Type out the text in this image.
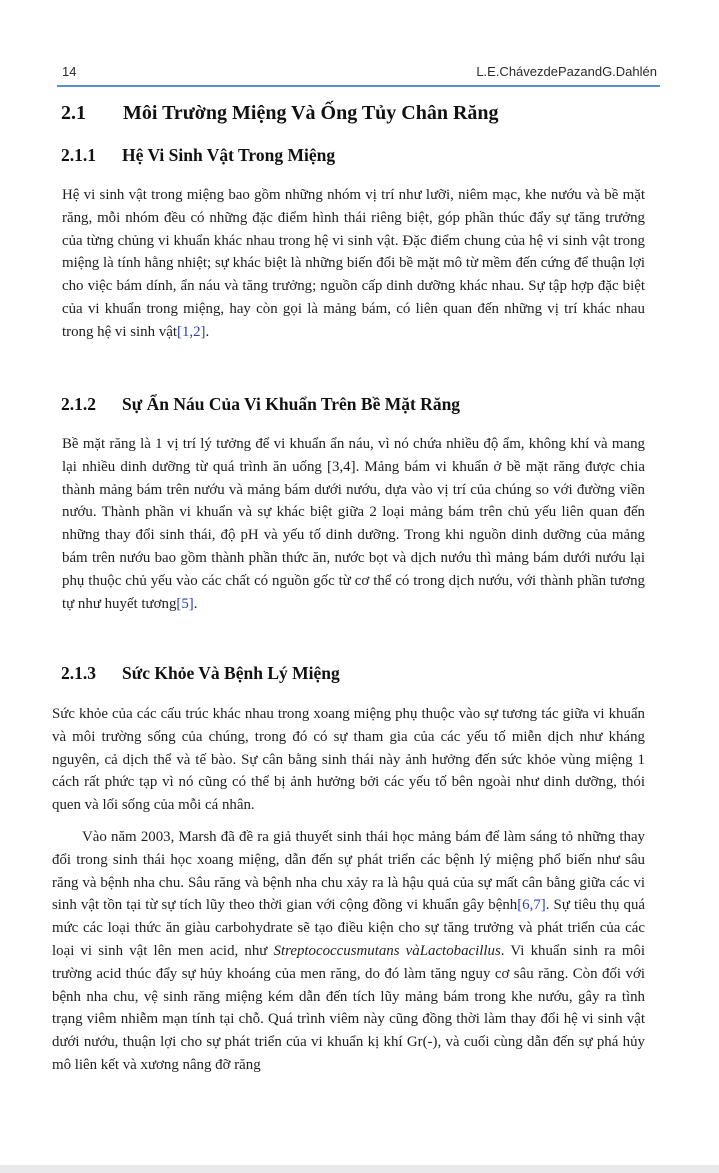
14	L.E.ChávezdePazandG.Dahlén
2.1 Môi Trường Miệng Và Ống Tủy Chân Răng
2.1.1 Hệ Vi Sinh Vật Trong Miệng

Hệ vi sinh vật trong miệng bao gồm những nhóm vị trí như lưỡi, niêm mạc, khe nướu và bề mặt răng, mỗi nhóm đều có những đặc điểm hình thái riêng biệt, góp phần thúc đẩy sự tăng trưởng của từng chủng vi khuẩn khác nhau trong hệ vi sinh vật. Đặc điểm chung của hệ vi sinh vật trong miệng là tính hằng nhiệt; sự khác biệt là những biến đổi bề mặt mô từ mềm đến cứng để thuận lợi cho việc bám dính, ẩn náu và tăng trưởng; nguồn cấp dinh dưỡng khác nhau. Sự tập hợp đặc biệt của vi khuẩn trong miệng, hay còn gọi là mảng bám, có liên quan đến những vị trí khác nhau trong hệ vi sinh vật[1,2].

2.1.2 Sự Ẩn Náu Của Vi Khuẩn Trên Bề Mặt Răng

Bề mặt răng là 1 vị trí lý tưởng để vi khuẩn ẩn náu, vì nó chứa nhiều độ ẩm, không khí và mang lại nhiều dinh dưỡng từ quá trình ăn uống [3,4]. Mảng bám vi khuẩn ở bề mặt răng được chia thành mảng bám trên nướu và mảng bám dưới nướu, dựa vào vị trí của chúng so với đường viền nướu. Thành phần vi khuẩn và sự khác biệt giữa 2 loại mảng bám trên chủ yếu liên quan đến những thay đổi sinh thái, độ pH và yếu tố dinh dưỡng. Trong khi nguồn dinh dưỡng của mảng bám trên nướu bao gồm thành phần thức ăn, nước bọt và dịch nướu thì mảng bám dưới nướu lại phụ thuộc chủ yếu vào các chất có nguồn gốc từ cơ thể có trong dịch nướu, với thành phần tương tự như huyết tương[5].

2.1.3 Sức Khỏe Và Bệnh Lý Miệng

Sức khỏe của các cấu trúc khác nhau trong xoang miệng phụ thuộc vào sự tương tác giữa vi khuẩn và môi trường sống của chúng, trong đó có sự tham gia của các yếu tố miễn dịch như kháng nguyên, cả dịch thể và tế bào. Sự cân bằng sinh thái này ảnh hưởng đến sức khỏe vùng miệng 1 cách rất phức tạp vì nó cũng có thể bị ảnh hưởng bởi các yếu tố bên ngoài như dinh dưỡng, thói quen và lối sống của mỗi cá nhân.

Vào năm 2003, Marsh đã đề ra giả thuyết sinh thái học mảng bám để làm sáng tỏ những thay đổi trong sinh thái học xoang miệng, dẫn đến sự phát triển các bệnh lý miệng phổ biến như sâu răng và bệnh nha chu. Sâu răng và bệnh nha chu xảy ra là hậu quả của sự mất cân bằng giữa các vi sinh vật tồn tại từ sự tích lũy theo thời gian với cộng đồng vi khuẩn gây bệnh[6,7]. Sự tiêu thụ quá mức các loại thức ăn giàu carbohydrate sẽ tạo điều kiện cho sự tăng trưởng và phát triển của các loại vi sinh vật lên men acid, như Streptococcusmutans vàLactobacillus. Vi khuẩn sinh ra môi trường acid thúc đẩy sự hủy khoáng của men răng, do đó làm tăng nguy cơ sâu răng. Còn đối với bệnh nha chu, vệ sinh răng miệng kém dẫn đến tích lũy mảng bám trong khe nướu, gây ra tình trạng viêm nhiễm mạn tính tại chỗ. Quá trình viêm này cũng đồng thời làm thay đổi hệ vi sinh vật dưới nướu, thuận lợi cho sự phát triển của vi khuẩn kị khí Gr(-), và cuối cùng dẫn đến sự phá hủy mô liên kết và xương nâng đỡ răng
